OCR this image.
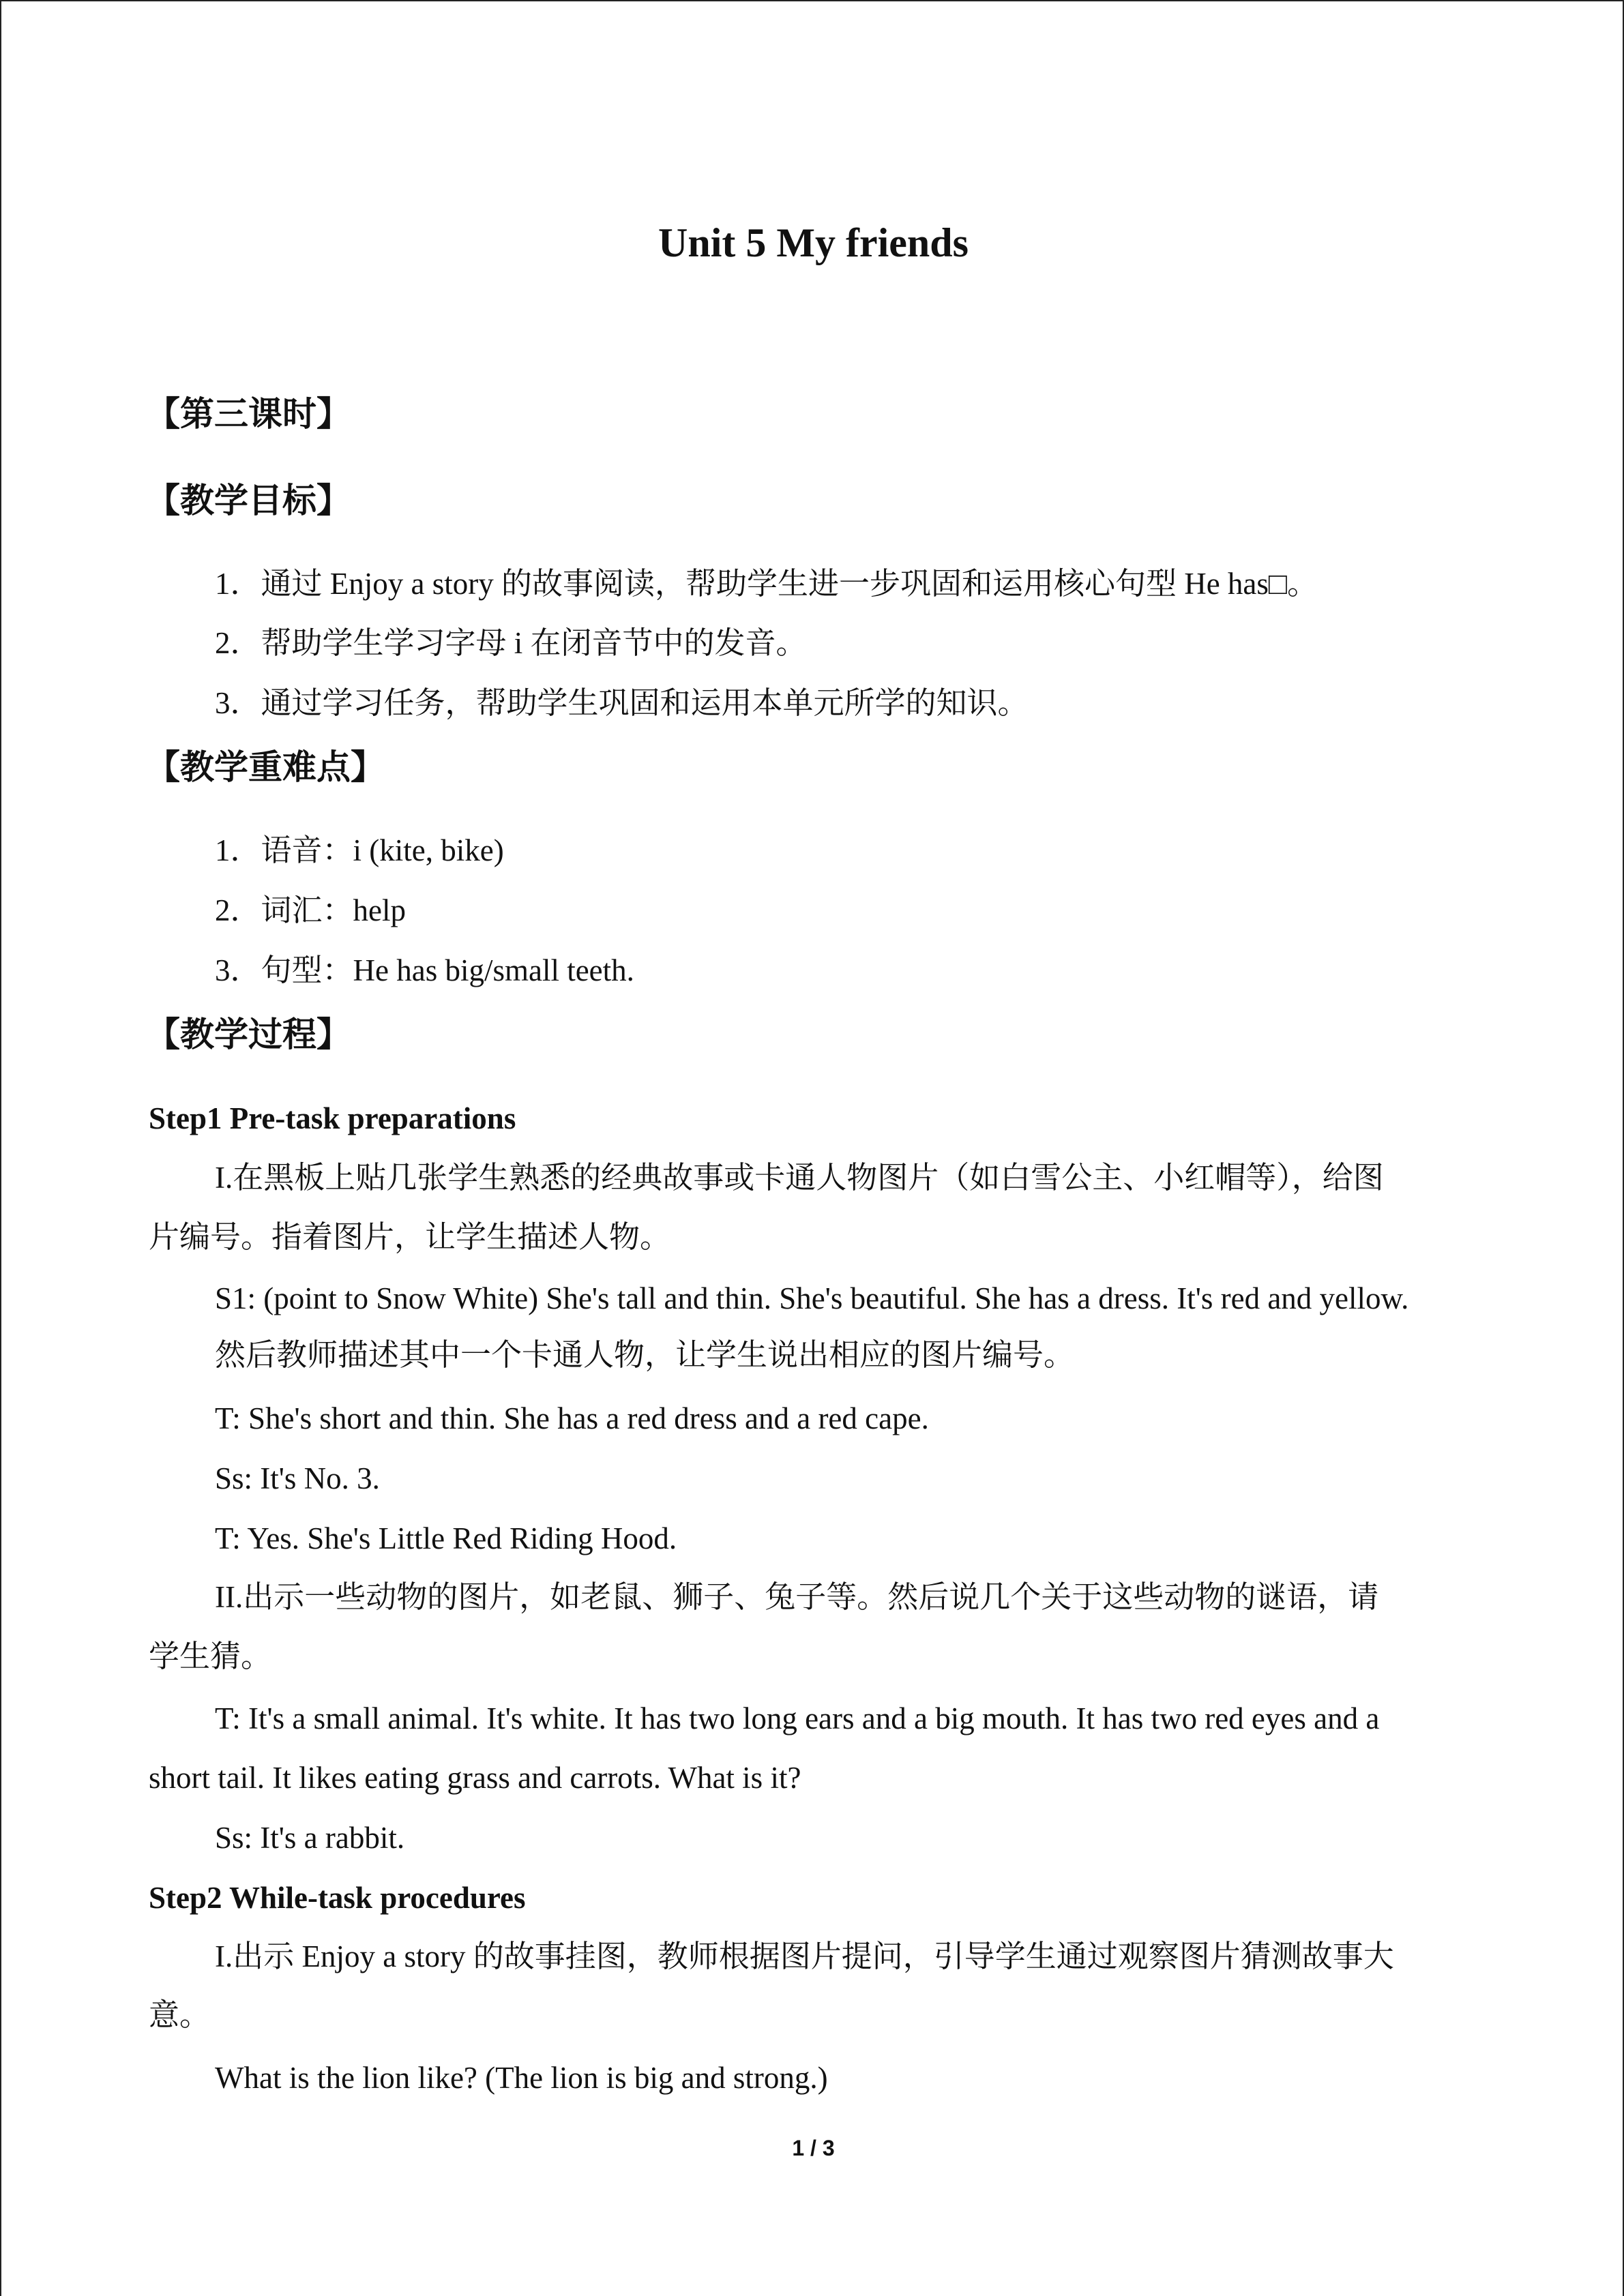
Unit 5 My friends

【第三课时】

【教学目标】

1．通过 Enjoy a story 的故事阅读，帮助学生进一步巩固和运用核心句型 He has□。

2．帮助学生学习字母 i 在闭音节中的发音。

3．通过学习任务，帮助学生巩固和运用本单元所学的知识。

【教学重难点】

1．语音：i (kite, bike)

2．词汇：help

3．句型：He has big/small teeth.

【教学过程】

Step1 Pre-task preparations

I.在黑板上贴几张学生熟悉的经典故事或卡通人物图片（如白雪公主、小红帽等），给图

片编号。指着图片，让学生描述人物。

S1: (point to Snow White) She's tall and thin. She's beautiful. She has a dress. It's red and yellow.

然后教师描述其中一个卡通人物，让学生说出相应的图片编号。

T: She's short and thin. She has a red dress and a red cape.

Ss: It's No. 3.

T: Yes. She's Little Red Riding Hood.

II.出示一些动物的图片，如老鼠、狮子、兔子等。然后说几个关于这些动物的谜语，请

学生猜。

T: It's a small animal. It's white. It has two long ears and a big mouth. It has two red eyes and a

short tail. It likes eating grass and carrots. What is it?

Ss: It's a rabbit.

Step2 While-task procedures

I.出示 Enjoy a story 的故事挂图，教师根据图片提问，引导学生通过观察图片猜测故事大

意。

What is the lion like? (The lion is big and strong.)

1 / 3
